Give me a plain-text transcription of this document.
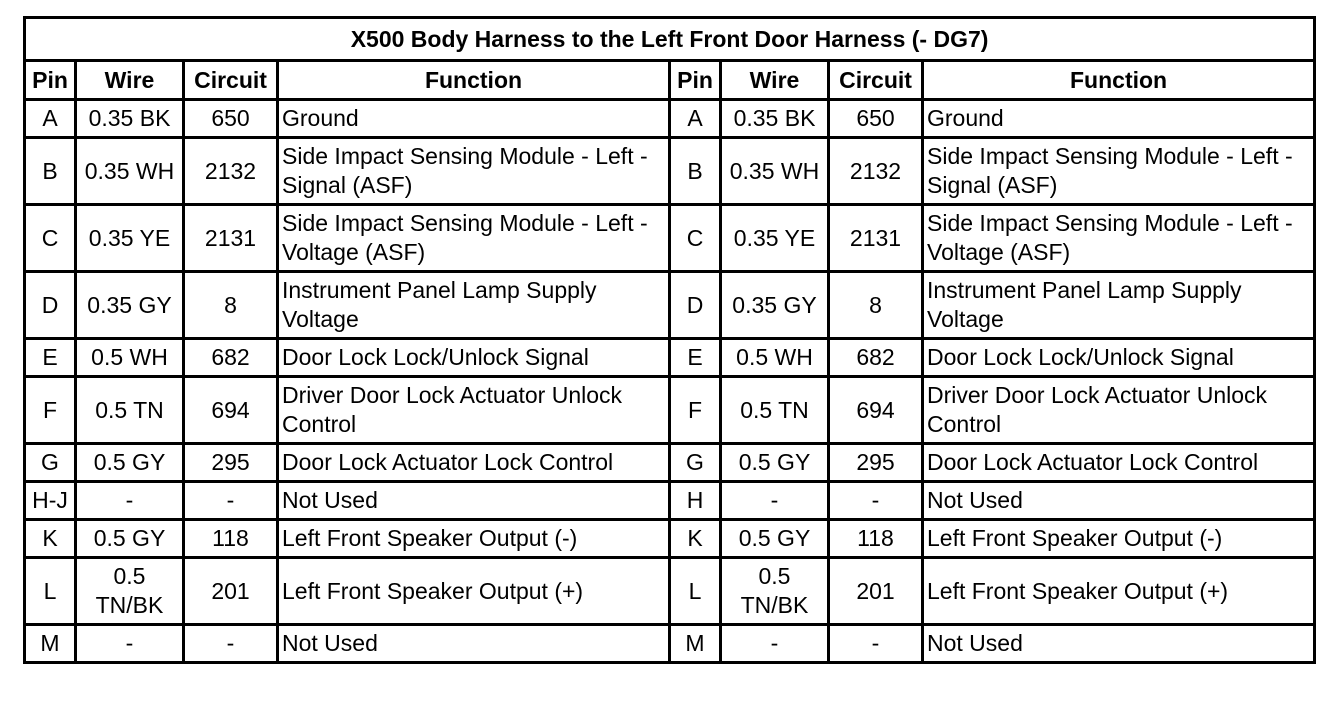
X500 Body Harness to the Left Front Door Harness (- DG7)							
Pin	Wire	Circuit	Function	Pin	Wire	Circuit	Function
A	0.35 BK	650	Ground	A	0.35 BK	650	Ground
B	0.35 WH	2132	Side Impact Sensing Module - Left - Signal (ASF)	B	0.35 WH	2132	Side Impact Sensing Module - Left - Signal (ASF)
C	0.35 YE	2131	Side Impact Sensing Module - Left - Voltage (ASF)	C	0.35 YE	2131	Side Impact Sensing Module - Left - Voltage (ASF)
D	0.35 GY	8	Instrument Panel Lamp Supply Voltage	D	0.35 GY	8	Instrument Panel Lamp Supply Voltage
E	0.5 WH	682	Door Lock Lock/Unlock Signal	E	0.5 WH	682	Door Lock Lock/Unlock Signal
F	0.5 TN	694	Driver Door Lock Actuator Unlock Control	F	0.5 TN	694	Driver Door Lock Actuator Unlock Control
G	0.5 GY	295	Door Lock Actuator Lock Control	G	0.5 GY	295	Door Lock Actuator Lock Control
H-J	-	-	Not Used	H	-	-	Not Used
K	0.5 GY	118	Left Front Speaker Output (-)	K	0.5 GY	118	Left Front Speaker Output (-)
L	0.5 TN/BK	201	Left Front Speaker Output (+)	L	0.5 TN/BK	201	Left Front Speaker Output (+)
M	-	-	Not Used	M	-	-	Not Used
